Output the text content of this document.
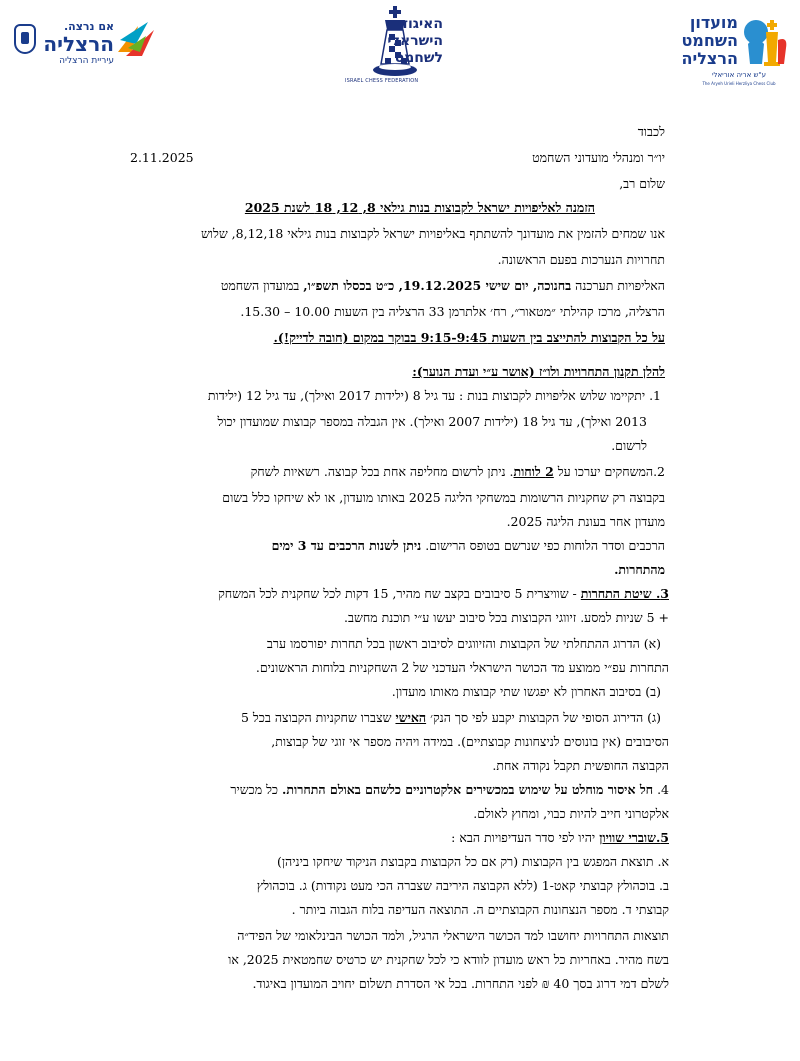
אם נרצה.
הרצליה
עיריית הרצליה
האיגוד
הישראלי
לשחמט
ISRAEL CHESS FEDERATION
מועדון
השחמט
הרצליה
ע"ש אריה אוריאלי
The Aryeh Urieli Herzliya Chess Club
2.11.2025
לכבוד
יו״ר ומנהלי מועדוני השחמט
שלום רב,
הזמנה לאליפויות ישראל לקבוצות בנות גילאי 8, 12, 18 לשנת 2025
אנו שמחים להזמין את מועדונך להשתתף באליפויות ישראל לקבוצות בנות גילאי 8,12,18, שלוש
תחרויות הנערכות בפעם הראשונה.
האליפויות תערכנה בחנוכה, יום שישי 19.12.2025, כ״ט בכסלו תשפ״ו, במועדון השחמט
הרצליה, מרכז קהילתי ״מטאור״, רח׳ אלתרמן 33 הרצליה בין השעות 10.00 – 15.30.
על כל הקבוצות להתייצב בין השעות 9:15-9:45 בבוקר במקום (חובה לדייק!).
להלן תקנון התחרויות ולו״ז (אושר ע״י ועדת הנוער):
1. יתקיימו שלוש אליפויות לקבוצות בנות : עד גיל 8 (ילידות 2017 ואילך), עד גיל 12 (ילידות
2013 ואילך), עד גיל 18 (ילידות 2007 ואילך). אין הגבלה במספר קבוצות שמועדון יכול
לרשום.
2.המשחקים יערכו על 2 לוחות. ניתן לרשום מחליפה אחת בכל קבוצה. רשאיות לשחק
בקבוצה רק שחקניות הרשומות במשחקי הליגה 2025 באותו מועדון, או לא שיחקו כלל בשום
מועדון אחר בעונת הליגה 2025.
הרכבים וסדר הלוחות כפי שנרשם בטופס הרישום. ניתן לשנות הרכבים עד 3 ימים
מהתחרות.
3. שיטת התחרות - שוויצרית 5 סיבובים בקצב שח מהיר, 15 דקות לכל שחקנית לכל המשחק
+ 5 שניות למסע. זיווגי הקבוצות בכל סיבוב יעשו ע״י תוכנת מחשב.
(א) הדרוג ההתחלתי של הקבוצות והזיווגים לסיבוב ראשון בכל תחרות יפורסמו ערב
התחרות עפ״י ממוצע מד הכושר הישראלי העדכני של 2 השחקניות בלוחות הראשונים.
(ב) בסיבוב האחרון לא יפגשו שתי קבוצות מאותו מועדון.
(ג) הדירוג הסופי של הקבוצות יקבע לפי סך הנק׳ האישי שצברו שחקניות הקבוצה בכל 5
הסיבובים (אין בונוסים לניצחונות קבוצתיים). במידה ויהיה מספר אי זוגי של קבוצות,
הקבוצה החופשית תקבל נקודה אחת.
4. חל איסור מוחלט על שימוש במכשירים אלקטרוניים כלשהם באולם התחרות. כל מכשיר
אלקטרוני חייב להיות כבוי, ומחוץ לאולם.
5.שוברי שוויון יהיו לפי סדר העדיפויות הבא :
א. תוצאת המפגש בין הקבוצות (רק אם כל הקבוצות בקבוצת הניקוד שיחקו ביניהן)
ב. בוכהולץ קבוצתי קאט-1 (ללא הקבוצה היריבה שצברה הכי מעט נקודות) ג. בוכהולץ
קבוצתי ד. מספר הנצחונות הקבוצתיים ה. התוצאה העדיפה בלוח הגבוה ביותר .
תוצאות התחרויות יחושבו למד הכושר הישראלי הרגיל, ולמד הכושר הבינלאומי של הפיד״ה
בשח מהיר. באחריות כל ראש מועדון לוודא כי לכל שחקנית יש כרטיס שחמטאית 2025, או
לשלם דמי דרוג בסך 40 ₪ לפני התחרות. בכל אי הסדרת תשלום יחויב המועדון באיגוד.
